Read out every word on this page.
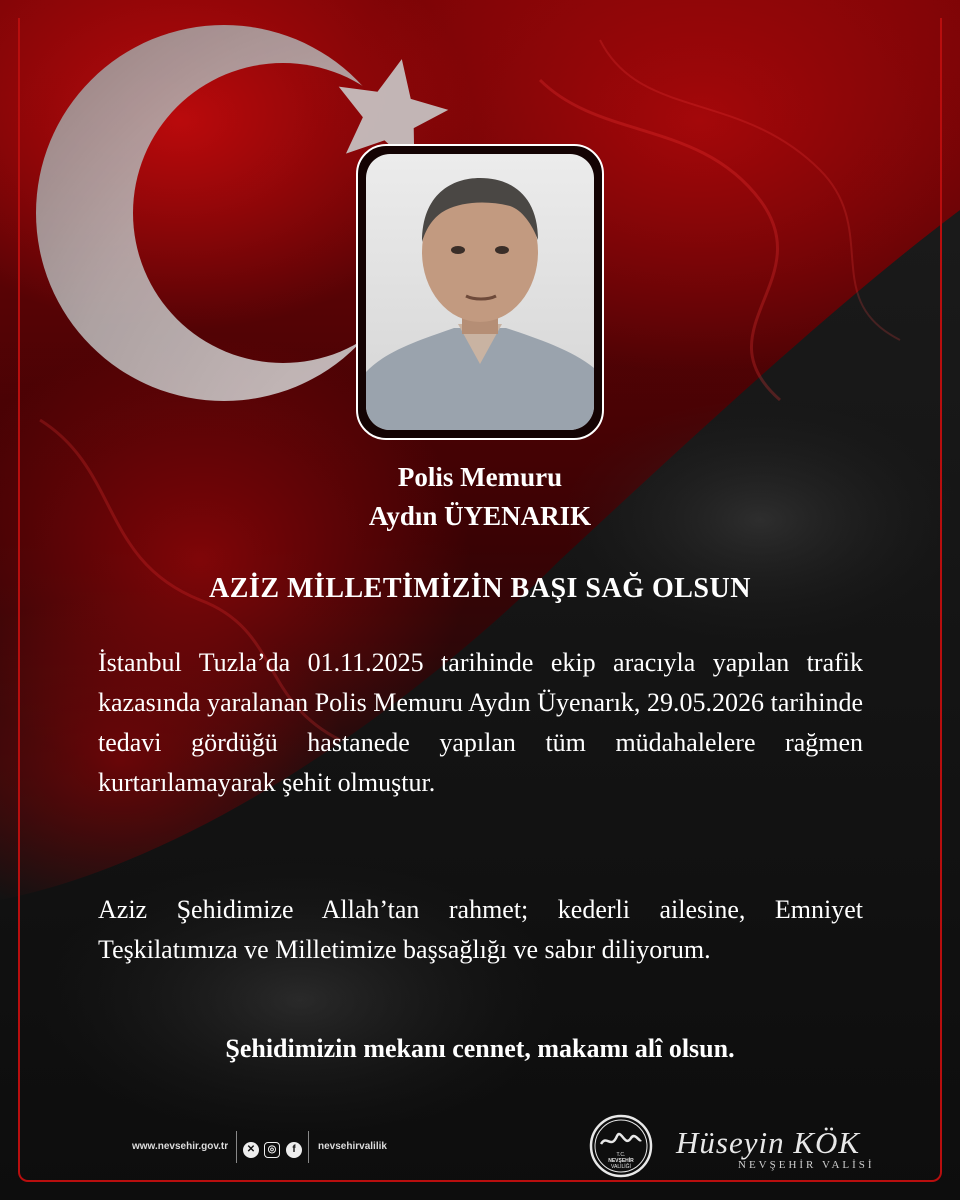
Polis Memuru
Aydın ÜYENARIK
AZİZ MİLLETİMİZİN BAŞI SAĞ OLSUN

İstanbul Tuzla’da 01.11.2025 tarihinde ekip aracıyla yapılan trafik kazasında yaralanan Polis Memuru Aydın Üyenarık, 29.05.2026 tarihinde tedavi gördüğü hastanede yapılan tüm müdahalelere rağmen kurtarılamayarak şehit olmuştur.

Aziz Şehidimize Allah’tan rahmet; kederli ailesine, Emniyet Teşkilatımıza ve Milletimize başsağlığı ve sabır diliyorum.

Şehidimizin mekanı cennet, makamı alî olsun.
www.nevsehir.gov.tr	✕	◎	f	nevsehirvalilik
T.C.
NEVŞEHİR
VALİLİĞİ
Hüseyin KÖK
NEVŞEHİR VALİSİ
